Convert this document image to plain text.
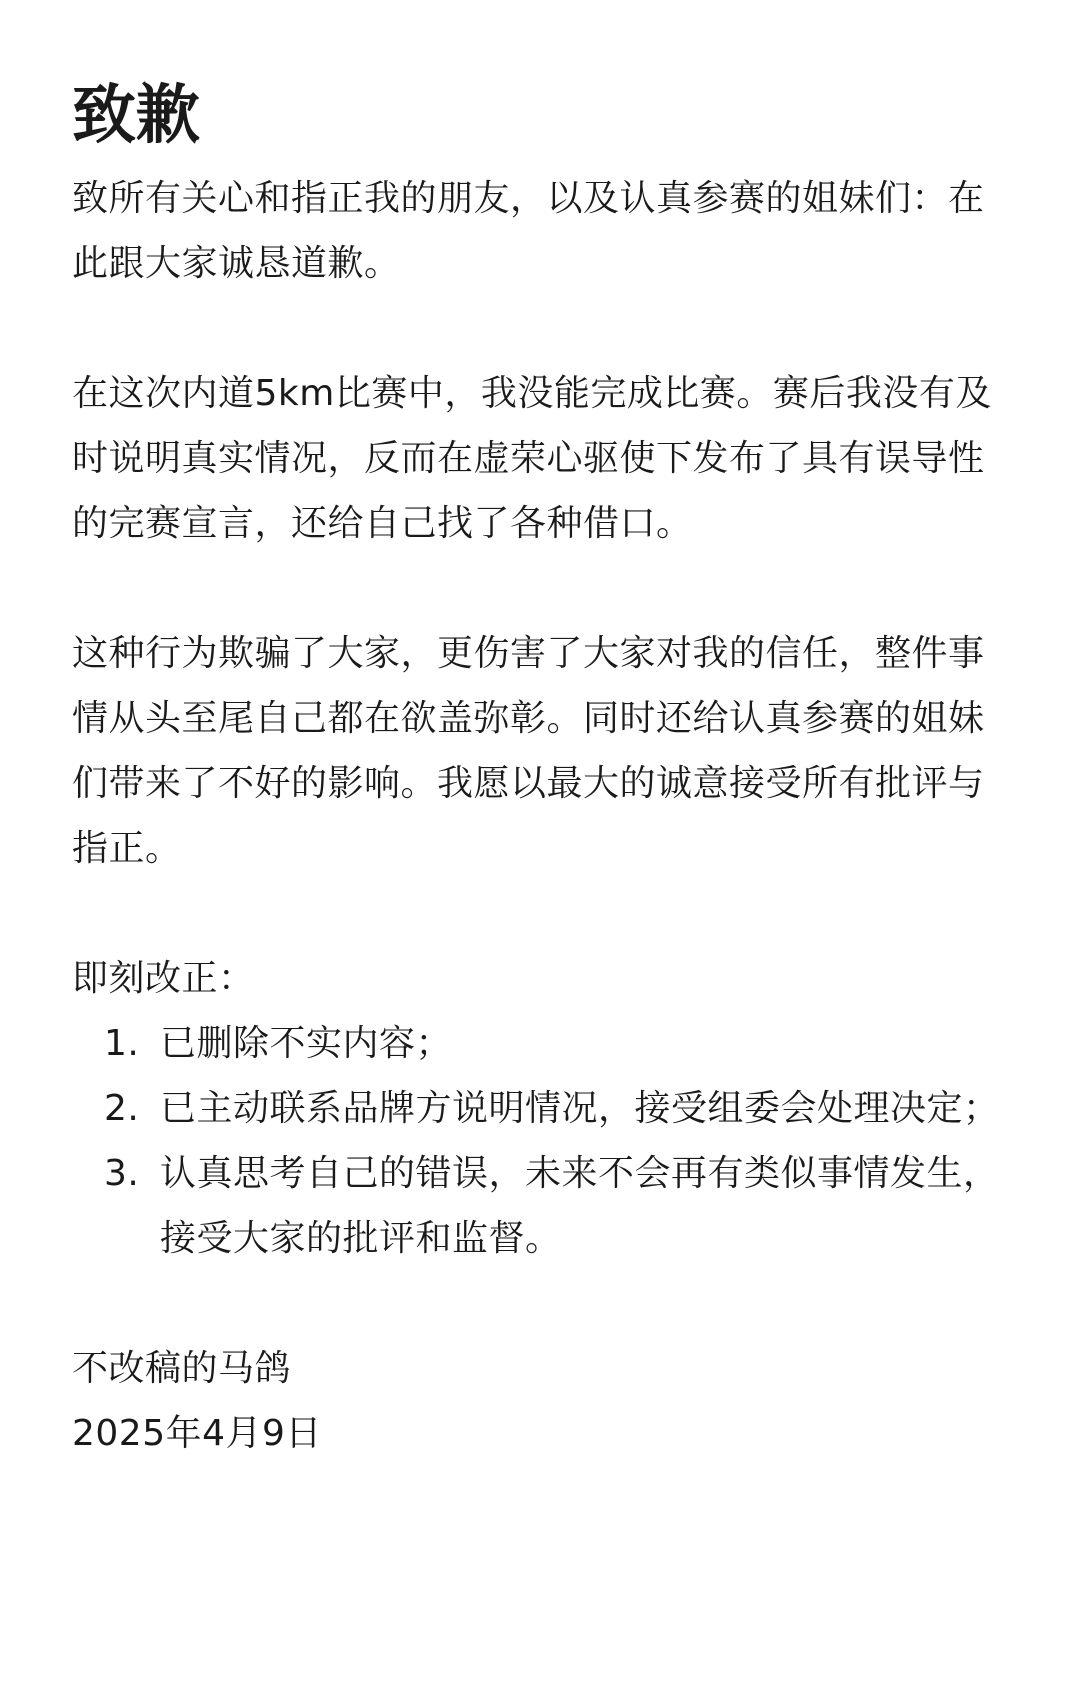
致歉

致所有关心和指正我的朋友，以及认真参赛的姐妹们：在此跟大家诚恳道歉。

在这次内道5km比赛中，我没能完成比赛。赛后我没有及时说明真实情况，反而在虚荣心驱使下发布了具有误导性的完赛宣言，还给自己找了各种借口。

这种行为欺骗了大家，更伤害了大家对我的信任，整件事情从头至尾自己都在欲盖弥彰。同时还给认真参赛的姐妹们带来了不好的影响。我愿以最大的诚意接受所有批评与指正。

即刻改正：

1. 已删除不实内容；
2. 已主动联系品牌方说明情况，接受组委会处理决定；
3. 认真思考自己的错误，未来不会再有类似事情发生，接受大家的批评和监督。
不改稿的马鸽
2025年4月9日
